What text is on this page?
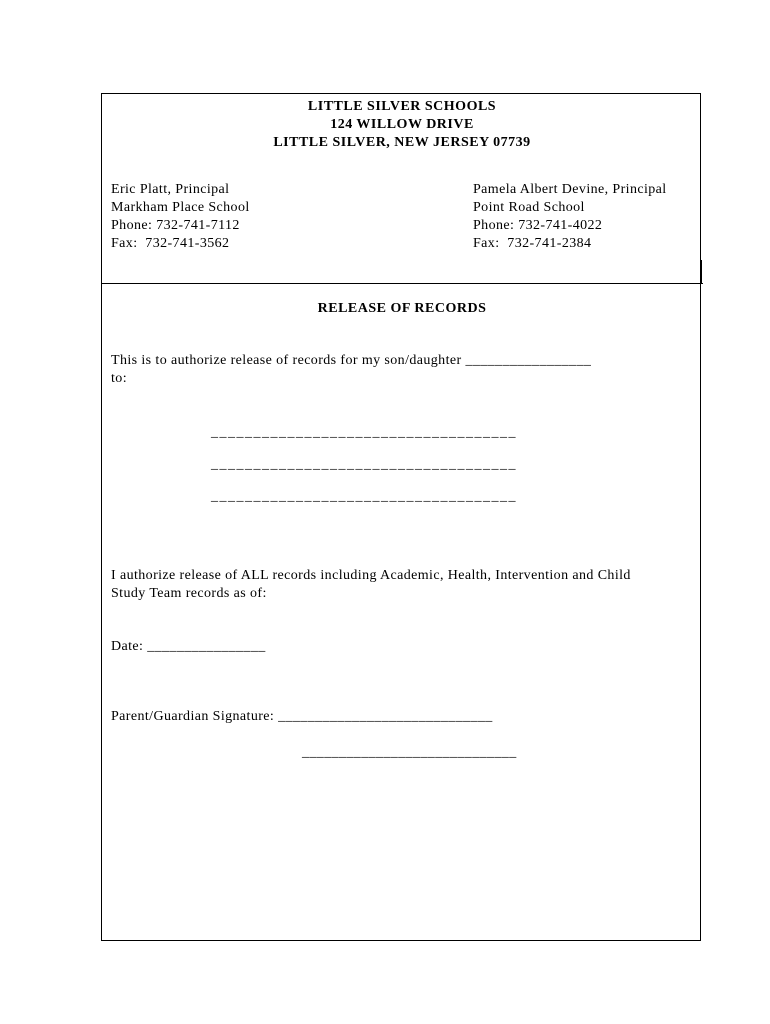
LITTLE SILVER SCHOOLS
124 WILLOW DRIVE
LITTLE SILVER, NEW JERSEY 07739
Eric Platt, Principal
Markham Place School
Phone: 732-741-7112
Fax:  732-741-3562
Pamela Albert Devine, Principal
Point Road School
Phone: 732-741-4022
Fax:  732-741-2384
RELEASE OF RECORDS
This is to authorize release of records for my son/daughter _________________
to:
____________________________________
____________________________________
____________________________________
I authorize release of ALL records including Academic, Health, Intervention and Child
Study Team records as of:
Date: ________________
Parent/Guardian Signature: _____________________________
_____________________________
